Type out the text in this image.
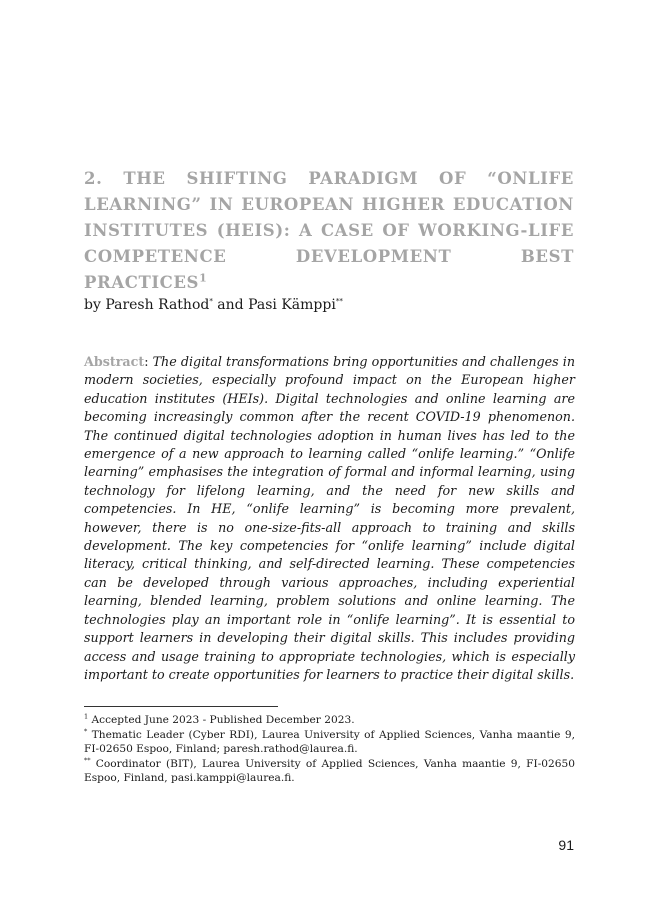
2. THE SHIFTING PARADIGM OF “ONLIFE LEARNING” IN EUROPEAN HIGHER EDUCATION INSTITUTES (HEIS): A CASE OF WORKING-LIFE COMPETENCE DEVELOPMENT BEST PRACTICES$^1$

by Paresh Rathod* and Pasi Kämppi**

Abstract: The digital transformations bring opportunities and challenges in modern societies, especially profound impact on the European higher education institutes (HEIs). Digital technologies and online learning are becoming increasingly common after the recent COVID-19 phenomenon. The continued digital technologies adoption in human lives has led to the emergence of a new approach to learning called “onlife learning.” “Onlife learning” emphasises the integration of formal and informal learning, using technology for lifelong learning, and the need for new skills and competencies. In HE, “onlife learning” is becoming more prevalent, however, there is no one-size-fits-all approach to training and skills development. The key competencies for “onlife learning” include digital literacy, critical thinking, and self-directed learning. These competencies can be developed through various approaches, including experiential learning, blended learning, problem solutions and online learning. The technologies play an important role in “onlife learning”. It is essential to support learners in developing their digital skills. This includes providing access and usage training to appropriate technologies, which is especially important to create opportunities for learners to practice their digital skills.

$^1$ Accepted June 2023 - Published December 2023.

* Thematic Leader (Cyber RDI), Laurea University of Applied Sciences, Vanha maantie 9, FI-02650 Espoo, Finland; paresh.rathod@laurea.fi.

** Coordinator (BIT), Laurea University of Applied Sciences, Vanha maantie 9, FI-02650 Espoo, Finland, pasi.kamppi@laurea.fi.

91
